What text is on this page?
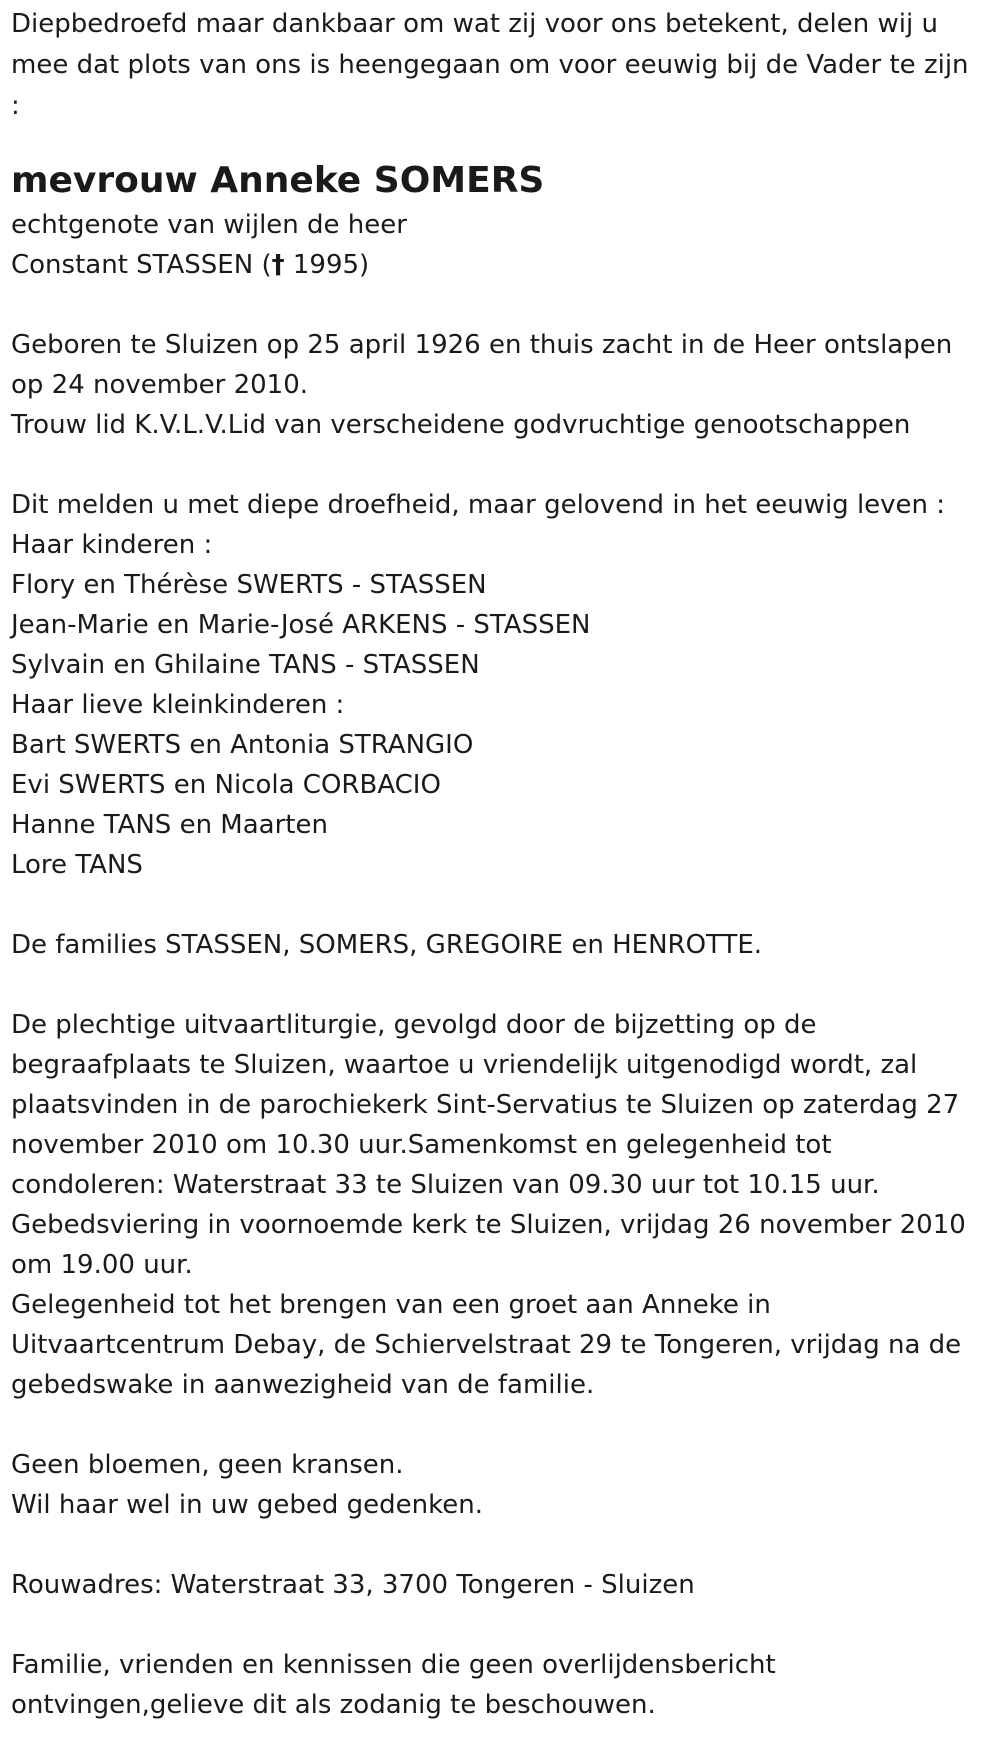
Diepbedroefd maar dankbaar om wat zij voor ons betekent, delen wij u
mee dat plots van ons is heengegaan om voor eeuwig bij de Vader te zijn
:
mevrouw Anneke SOMERS
echtgenote van wijlen de heer
Constant STASSEN († 1995)
Geboren te Sluizen op 25 april 1926 en thuis zacht in de Heer ontslapen
op 24 november 2010.
Trouw lid K.V.L.V.Lid van verscheidene godvruchtige genootschappen
Dit melden u met diepe droefheid, maar gelovend in het eeuwig leven :
Haar kinderen :
Flory en Thérèse SWERTS - STASSEN
Jean-Marie en Marie-José ARKENS - STASSEN
Sylvain en Ghilaine TANS - STASSEN
Haar lieve kleinkinderen :
Bart SWERTS en Antonia STRANGIO
Evi SWERTS en Nicola CORBACIO
Hanne TANS en Maarten
Lore TANS
De families STASSEN, SOMERS, GREGOIRE en HENROTTE.
De plechtige uitvaartliturgie, gevolgd door de bijzetting op de
begraafplaats te Sluizen, waartoe u vriendelijk uitgenodigd wordt, zal
plaatsvinden in de parochiekerk Sint-Servatius te Sluizen op zaterdag 27
november 2010 om 10.30 uur.Samenkomst en gelegenheid tot
condoleren: Waterstraat 33 te Sluizen van 09.30 uur tot 10.15 uur.
Gebedsviering in voornoemde kerk te Sluizen, vrijdag 26 november 2010
om 19.00 uur.
Gelegenheid tot het brengen van een groet aan Anneke in
Uitvaartcentrum Debay, de Schiervelstraat 29 te Tongeren, vrijdag na de
gebedswake in aanwezigheid van de familie.
Geen bloemen, geen kransen.
Wil haar wel in uw gebed gedenken.
Rouwadres: Waterstraat 33, 3700 Tongeren - Sluizen
Familie, vrienden en kennissen die geen overlijdensbericht
ontvingen,gelieve dit als zodanig te beschouwen.
